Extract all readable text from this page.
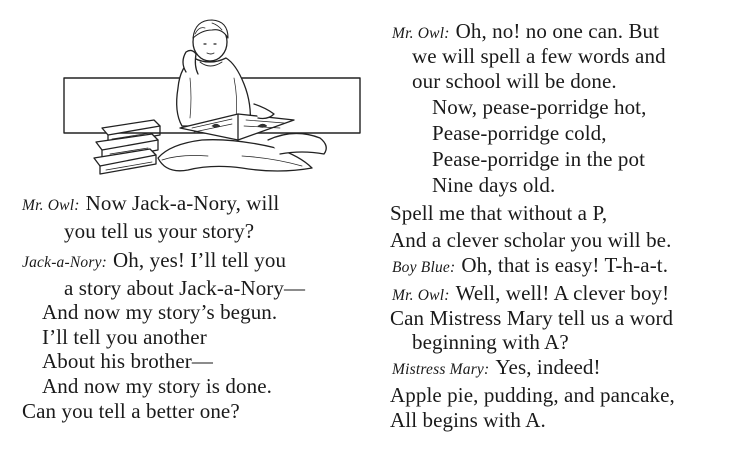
Mr. Owl: Now Jack-a-Nory, will
you tell us your story?
Jack-a-Nory: Oh, yes! I’ll tell you
a story about Jack-a-Nory—
And now my story’s begun.
I’ll tell you another
About his brother—
And now my story is done.
Can you tell a better one?
Mr. Owl: Oh, no! no one can. But
we will spell a few words and
our school will be done.
Now, pease-porridge hot,
Pease-porridge cold,
Pease-porridge in the pot
Nine days old.
Spell me that without a P,
And a clever scholar you will be.
Boy Blue: Oh, that is easy! T-h-a-t.
Mr. Owl: Well, well! A clever boy!
Can Mistress Mary tell us a word
beginning with A?
Mistress Mary: Yes, indeed!
Apple pie, pudding, and pancake,
All begins with A.
